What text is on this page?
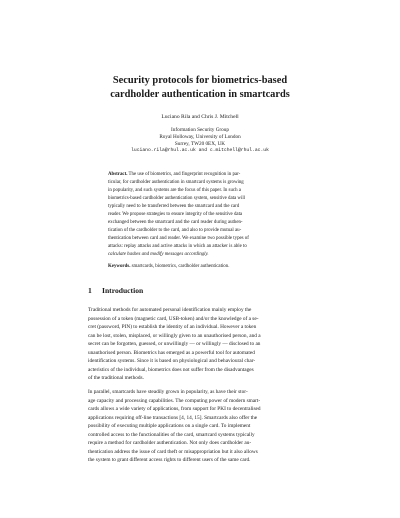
Security protocols for biometrics-based
cardholder authentication in smartcards
Luciano Rila and Chris J. Mitchell
Information Security Group
Royal Holloway, University of London
Surrey, TW20 0EX, UK
luciano.rila@rhul.ac.uk and c.mitchell@rhul.ac.uk
Abstract. The use of biometrics, and fingerprint recognition in par-
ticular, for cardholder authentication in smartcard systems is growing
in popularity, and such systems are the focus of this paper. In such a
biometrics-based cardholder authentication system, sensitive data will
typically need to be transferred between the smartcard and the card
reader. We propose strategies to ensure integrity of the sensitive data
exchanged between the smartcard and the card reader during authen-
tication of the cardholder to the card, and also to provide mutual au-
thentication between card and reader. We examine two possible types of
attacks: replay attacks and active attacks in which an attacker is able to
calculate hashes and modify messages accordingly.
Keywords. smartcards, biometrics, cardholder authentication.
1 Introduction
Traditional methods for automated personal identification mainly employ the
possession of a token (magnetic card, USB-token) and/or the knowledge of a se-
cret (password, PIN) to establish the identity of an individual. However a token
can be lost, stolen, misplaced, or willingly given to an unauthorised person, and a
secret can be forgotten, guessed, or unwillingly — or willingly — disclosed to an
unauthorised person. Biometrics has emerged as a powerful tool for automated
identification systems. Since it is based on physiological and behavioural char-
acteristics of the individual, biometrics does not suffer from the disadvantages
of the traditional methods.
In parallel, smartcards have steadily grown in popularity, as have their stor-
age capacity and processing capabilities. The computing power of modern smart-
cards allows a wide variety of applications, from support for PKI to decentralised
applications requiring off-line transactions [4, 14, 15]. Smartcards also offer the
possibility of executing multiple applications on a single card. To implement
controlled access to the functionalities of the card, smartcard systems typically
require a method for cardholder authentication. Not only does cardholder au-
thentication address the issue of card theft or misappropriation but it also allows
the system to grant different access rights to different users of the same card.
